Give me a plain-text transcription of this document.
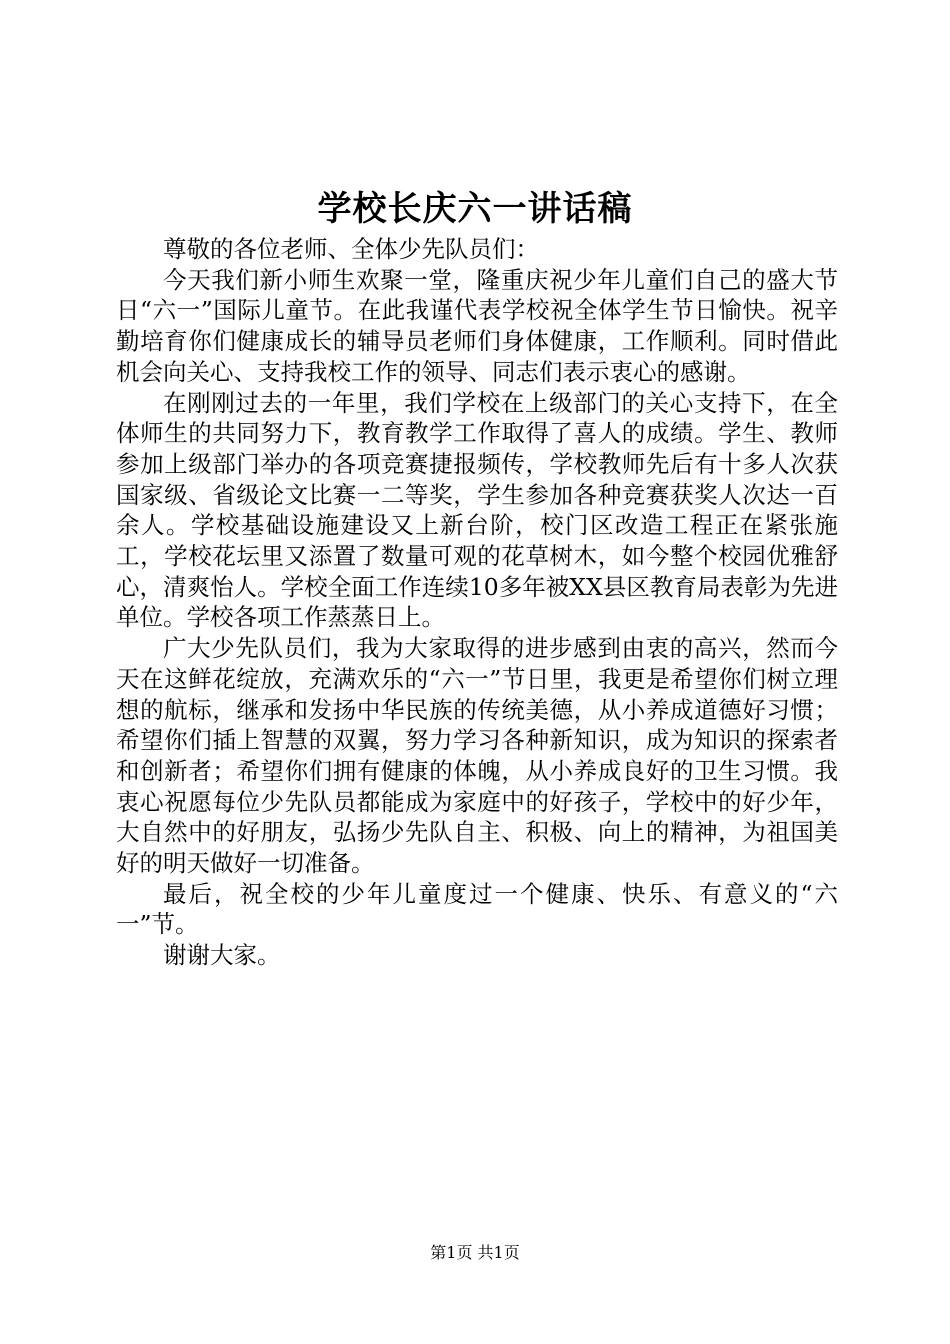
学校长庆六一讲话稿

尊敬的各位老师、全体少先队员们：

今天我们新小师生欢聚一堂，隆重庆祝少年儿童们自己的盛大节日“六一”国际儿童节。在此我谨代表学校祝全体学生节日愉快。祝辛勤培育你们健康成长的辅导员老师们身体健康，工作顺利。同时借此机会向关心、支持我校工作的领导、同志们表示衷心的感谢。

在刚刚过去的一年里，我们学校在上级部门的关心支持下，在全体师生的共同努力下，教育教学工作取得了喜人的成绩。学生、教师参加上级部门举办的各项竞赛捷报频传，学校教师先后有十多人次获国家级、省级论文比赛一二等奖，学生参加各种竞赛获奖人次达一百余人。学校基础设施建设又上新台阶，校门区改造工程正在紧张施工，学校花坛里又添置了数量可观的花草树木，如今整个校园优雅舒心，清爽怡人。学校全面工作连续10多年被XX县区教育局表彰为先进单位。学校各项工作蒸蒸日上。

广大少先队员们，我为大家取得的进步感到由衷的高兴，然而今天在这鲜花绽放，充满欢乐的“六一”节日里，我更是希望你们树立理想的航标，继承和发扬中华民族的传统美德，从小养成道德好习惯；希望你们插上智慧的双翼，努力学习各种新知识，成为知识的探索者和创新者；希望你们拥有健康的体魄，从小养成良好的卫生习惯。我衷心祝愿每位少先队员都能成为家庭中的好孩子，学校中的好少年，大自然中的好朋友，弘扬少先队自主、积极、向上的精神，为祖国美好的明天做好一切准备。

最后，祝全校的少年儿童度过一个健康、快乐、有意义的“六一”节。

谢谢大家。

第1页 共1页
